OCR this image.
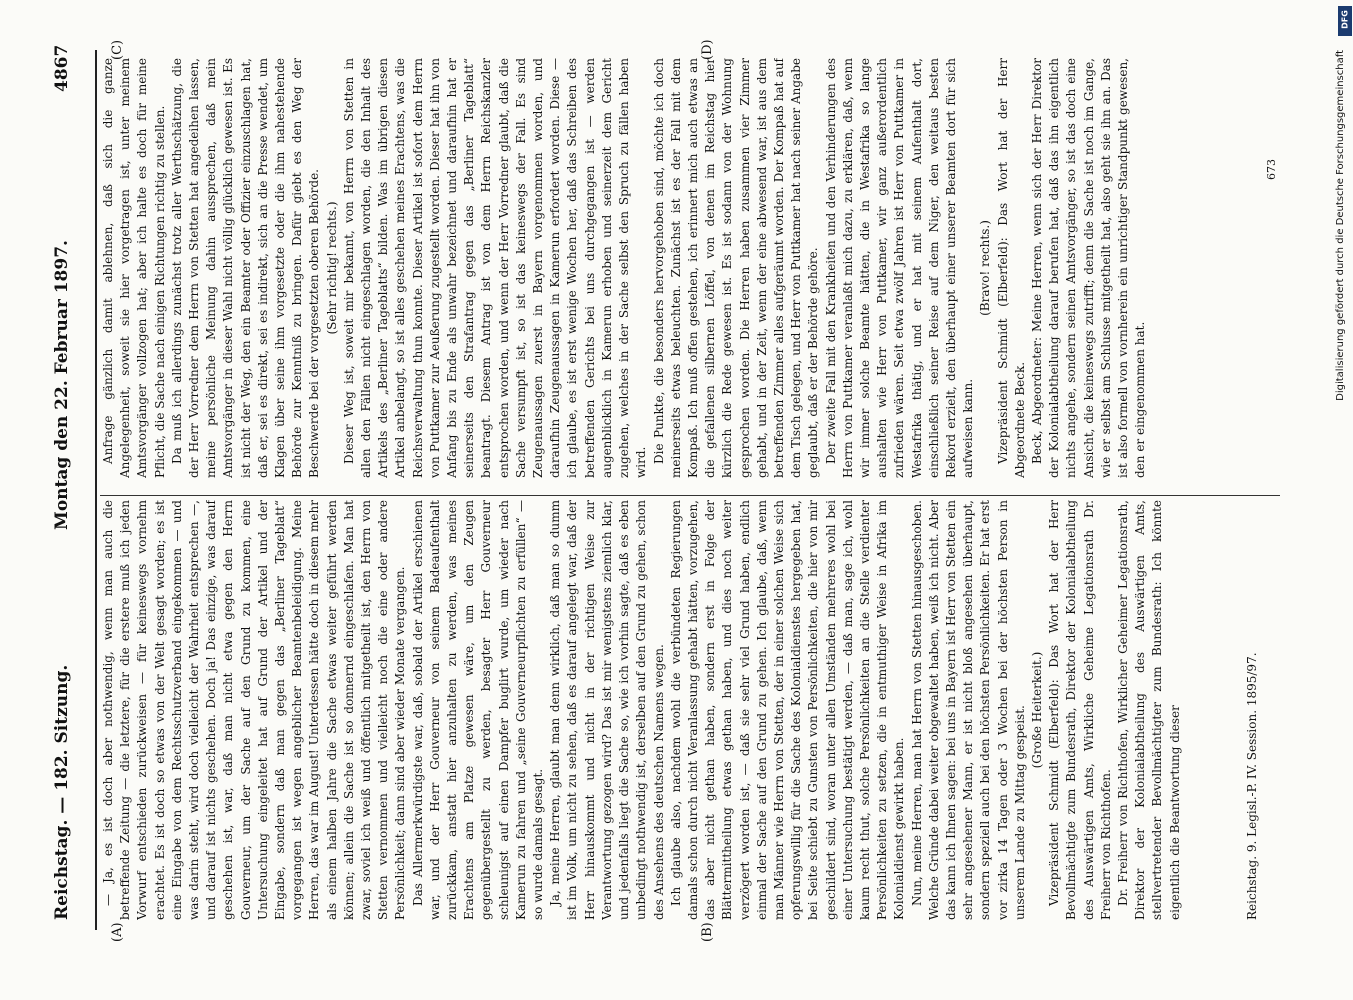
Reichstag. — 182. Sitzung.
Montag den 22. Februar 1897.
4867
(A)	(B)
(C)	(D)

— Ja, es ist doch aber nothwendig, wenn man auch die betreffende Zeitung — die letztere, für die erstere muß ich jeden Vorwurf entschieden zurückweisen — für keineswegs vornehm erachtet. Es ist doch so etwas von der Welt gesagt worden; es ist eine Eingabe von dem Rechtsschutzverband eingekommen — und was darin steht, wird doch vielleicht der Wahrheit entsprechen —, und darauf ist nichts geschehen. Doch ja! Das einzige, was darauf geschehen ist, war, daß man nicht etwa gegen den Herrn Gouverneur, um der Sache auf den Grund zu kommen, eine Untersuchung eingeleitet hat auf Grund der Artikel und der Eingabe, sondern daß man gegen das „Berliner Tageblatt“ vorgegangen ist wegen angeblicher Beamtenbeleidigung. Meine Herren, das war im August! Unterdessen hätte doch in diesem mehr als einem halben Jahre die Sache etwas weiter geführt werden können; allein die Sache ist so donnernd eingeschlafen. Man hat zwar, soviel ich weiß und öffentlich mitgetheilt ist, den Herrn von Stetten vernommen und vielleicht noch die eine oder andere Persönlichkeit; dann sind aber wieder Monate vergangen. Das Allermerkwürdigste war, daß, sobald der Artikel erschienen war, und der Herr Gouverneur von seinem Badeaufenthalt zurückkam, anstatt hier anzuhalten zu werden, was meines Erachtens am Platze gewesen wäre, um den Zeugen gegenübergestellt zu werden, besagter Herr Gouverneur schleunigst auf einen Dampfer buglirt wurde, um wieder nach Kamerun zu fahren und „seine Gouverneurpflichten zu erfüllen“ — so wurde damals gesagt. Ja, meine Herren, glaubt man denn wirklich, daß man so dumm ist im Volk, um nicht zu sehen, daß es darauf angelegt war, daß der Herr hinauskommt und nicht in der richtigen Weise zur Verantwortung gezogen wird? Das ist mir wenigstens ziemlich klar, und jedenfalls liegt die Sache so, wie ich vorhin sagte, daß es eben unbedingt nothwendig ist, derselben auf den Grund zu gehen, schon des Ansehens des deutschen Namens wegen. Ich glaube also, nachdem wohl die verbündeten Regierungen damals schon durch nicht Veranlassung gehabt hätten, vorzugehen, das aber nicht gethan haben, sondern erst in Folge der Blättermittheilung etwas gethan haben, und dies noch weiter verzögert worden ist, — daß sie sehr viel Grund haben, endlich einmal der Sache auf den Grund zu gehen. Ich glaube, daß, wenn man Männer wie Herrn von Stetten, der in einer solchen Weise sich opferungswillig für die Sache des Kolonialdienstes hergegeben hat, bei Seite schiebt zu Gunsten von Persönlichkeiten, die hier von mir geschildert sind, woran unter allen Umständen mehreres wohl bei einer Untersuchung bestätigt werden, — daß man, sage ich, wohl kaum recht thut, solche Persönlichkeiten an die Stelle verdienter Persönlichkeiten zu setzen, die in entmuthiger Weise in Afrika im Kolonialdienst gewirkt haben. Nun, meine Herren, man hat Herrn von Stetten hinausgeschoben. Welche Gründe dabei weiter obgewaltet haben, weiß ich nicht. Aber das kann ich Ihnen sagen: bei uns in Bayern ist Herr von Stetten ein sehr angesehener Mann, er ist nicht bloß angesehen überhaupt, sondern speziell auch bei den höchsten Persönlichkeiten. Er hat erst vor zirka 14 Tagen oder 3 Wochen bei der höchsten Person in unserem Lande zu Mittag gespeist. (Große Heiterkeit.) Vizepräsident Schmidt (Elberfeld): Das Wort hat der Herr Bevollmächtigte zum Bundesrath, Direktor der Kolonialabtheilung des Auswärtigen Amts, Wirkliche Geheime Legationsrath Dr. Freiherr von Richthofen. Dr. Freiherr von Richthofen, Wirklicher Geheimer Legationsrath, Direktor der Kolonialabtheilung des Auswärtigen Amts, stellvertretender Bevollmächtigter zum Bundesrath: Ich könnte eigentlich die Beantwortung dieser

Anfrage gänzlich damit ablehnen, daß sich die ganze Angelegenheit, soweit sie hier vorgetragen ist, unter meinem Amtsvorgänger vollzogen hat; aber ich halte es doch für meine Pflicht, die Sache nach einigen Richtungen richtig zu stellen. Da muß ich allerdings zunächst trotz aller Werthschätzung, die der Herr Vorredner dem Herrn von Stetten hat angedeihen lassen, meine persönliche Meinung dahin aussprechen, daß mein Amtsvorgänger in dieser Wahl nicht völlig glücklich gewesen ist. Es ist nicht der Weg, den ein Beamter oder Offizier einzuschlagen hat, daß er, sei es direkt, sei es indirekt, sich an die Presse wendet, um Klagen über seine ihm vorgesetzte oder die ihm nahestehende Behörde zur Kenntniß zu bringen. Dafür giebt es den Weg der Beschwerde bei der vorgesetzten oberen Behörde. (Sehr richtig! rechts.) Dieser Weg ist, soweit mir bekannt, von Herrn von Stetten in allen den Fällen nicht eingeschlagen worden, die den Inhalt des Artikels des „Berliner Tageblatts“ bilden. Was im übrigen diesen Artikel anbelangt, so ist alles geschehen meines Erachtens, was die Reichsverwaltung thun konnte. Dieser Artikel ist sofort dem Herrn von Puttkamer zur Aeußerung zugestellt worden. Dieser hat ihn von Anfang bis zu Ende als unwahr bezeichnet und daraufhin hat er seinerseits den Strafantrag gegen das „Berliner Tageblatt“ beantragt. Diesem Antrag ist von dem Herrn Reichskanzler entsprochen worden, und wenn der Herr Vorredner glaubt, daß die Sache versumpft ist, so ist das keineswegs der Fall. Es sind Zeugenaussagen zuerst in Bayern vorgenommen worden, und daraufhin Zeugenaussagen in Kamerun erfordert worden. Diese — ich glaube, es ist erst wenige Wochen her, daß das Schreiben des betreffenden Gerichts bei uns durchgegangen ist — werden augenblicklich in Kamerun erhoben und seinerzeit dem Gericht zugehen, welches in der Sache selbst den Spruch zu fällen haben wird. Die Punkte, die besonders hervorgehoben sind, möchte ich doch meinerseits etwas beleuchten. Zunächst ist es der Fall mit dem Kompaß. Ich muß offen gestehen, ich erinnert mich auch etwas an die gefallenen silbernen Löffel, von denen im Reichstag hier kürzlich die Rede gewesen ist. Es ist sodann von der Wohnung gesprochen worden. Die Herren haben zusammen vier Zimmer gehabt, und in der Zeit, wenn der eine abwesend war, ist aus dem betreffenden Zimmer alles aufgeräumt worden. Der Kompaß hat auf dem Tisch gelegen, und Herr von Puttkamer hat nach seiner Angabe geglaubt, daß er der Behörde gehöre. Der zweite Fall mit den Krankheiten und den Verhinderungen des Herrn von Puttkamer veranlaßt mich dazu, zu erklären, daß, wenn wir immer solche Beamte hätten, die in Westafrika so lange aushalten wie Herr von Puttkamer, wir ganz außerordentlich zufrieden wären. Seit etwa zwölf Jahren ist Herr von Puttkamer in Westafrika thätig, und er hat mit seinem Aufenthalt dort, einschließlich seiner Reise auf dem Niger, den weitaus besten Rekord erzielt, den überhaupt einer unserer Beamten dort für sich aufweisen kann.

(Bravo! rechts.) Vizepräsident Schmidt (Elberfeld): Das Wort hat der Herr Abgeordnete Beck. Beck, Abgeordneter: Meine Herren, wenn sich der Herr Direktor der Kolonialabtheilung darauf berufen hat, daß das ihn eigentlich nichts angehe, sondern seinen Amtsvorgänger, so ist das doch eine Ansicht, die keineswegs zutrifft; denn die Sache ist noch im Gange, wie er selbst am Schlusse mitgetheilt hat, also geht sie ihn an. Das ist also formell von vornherein ein unrichtiger Standpunkt gewesen, den er eingenommen hat.

Reichstag. 9. Legisl.-P. IV. Session. 1895/97.
673	Digitalisierung gefördert durch die Deutsche Forschungsgemeinschaft
DFG
